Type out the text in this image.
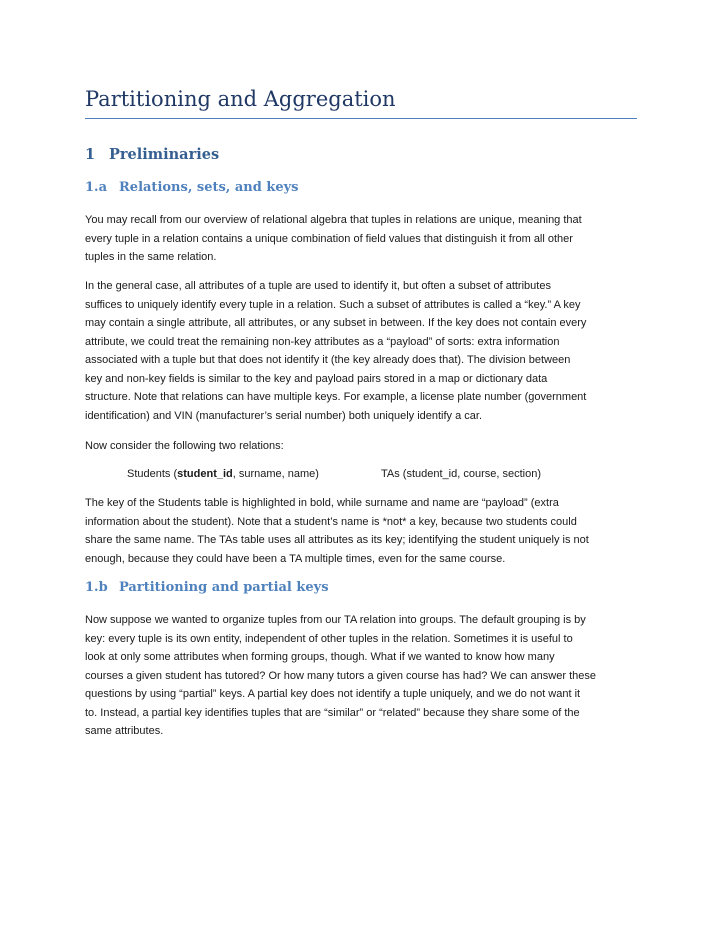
Partitioning and Aggregation
1 Preliminaries
1.a Relations, sets, and keys

You may recall from our overview of relational algebra that tuples in relations are unique, meaning that
every tuple in a relation contains a unique combination of field values that distinguish it from all other
tuples in the same relation.

In the general case, all attributes of a tuple are used to identify it, but often a subset of attributes
suffices to uniquely identify every tuple in a relation. Such a subset of attributes is called a “key.” A key
may contain a single attribute, all attributes, or any subset in between. If the key does not contain every
attribute, we could treat the remaining non-key attributes as a “payload” of sorts: extra information
associated with a tuple but that does not identify it (the key already does that). The division between
key and non-key fields is similar to the key and payload pairs stored in a map or dictionary data
structure. Note that relations can have multiple keys. For example, a license plate number (government
identification) and VIN (manufacturer’s serial number) both uniquely identify a car.

Now consider the following two relations:

Students (student_id, surname, name)	TAs (student_id, course, section)

The key of the Students table is highlighted in bold, while surname and name are “payload” (extra
information about the student). Note that a student’s name is *not* a key, because two students could
share the same name. The TAs table uses all attributes as its key; identifying the student uniquely is not
enough, because they could have been a TA multiple times, even for the same course.

1.b Partitioning and partial keys

Now suppose we wanted to organize tuples from our TA relation into groups. The default grouping is by
key: every tuple is its own entity, independent of other tuples in the relation. Sometimes it is useful to
look at only some attributes when forming groups, though. What if we wanted to know how many
courses a given student has tutored? Or how many tutors a given course has had? We can answer these
questions by using “partial” keys. A partial key does not identify a tuple uniquely, and we do not want it
to. Instead, a partial key identifies tuples that are “similar” or “related” because they share some of the
same attributes.
